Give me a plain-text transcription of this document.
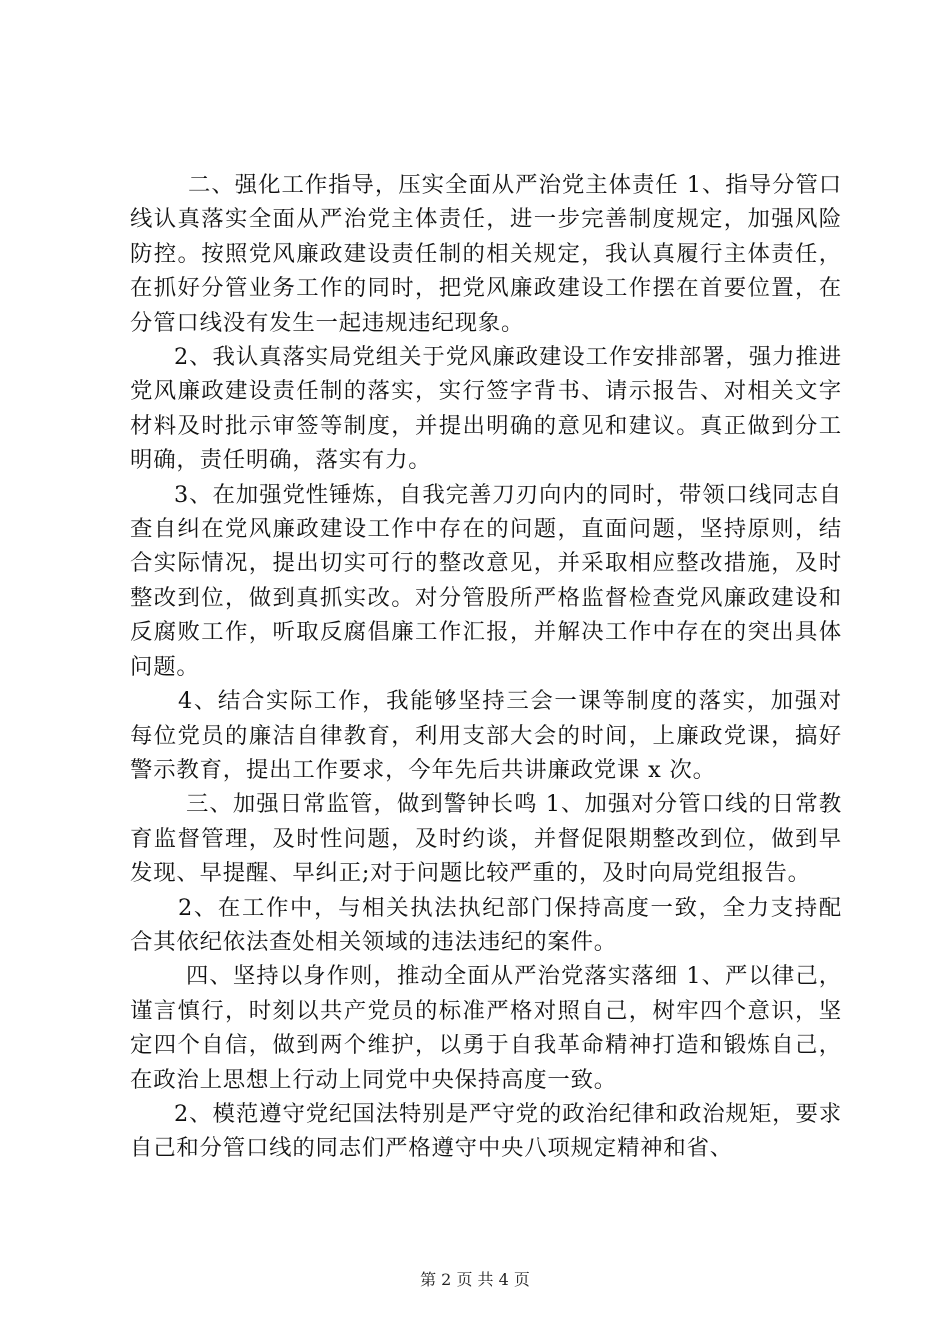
二、强化工作指导，压实全面从严治党主体责任 1、指导分管口线认真落实全面从严治党主体责任，进一步完善制度规定，加强风险防控。按照党风廉政建设责任制的相关规定，我认真履行主体责任，在抓好分管业务工作的同时，把党风廉政建设工作摆在首要位置，在分管口线没有发生一起违规违纪现象。

2、我认真落实局党组关于党风廉政建设工作安排部署，强力推进党风廉政建设责任制的落实，实行签字背书、请示报告、对相关文字材料及时批示审签等制度，并提出明确的意见和建议。真正做到分工明确，责任明确，落实有力。

3、在加强党性锤炼，自我完善刀刃向内的同时，带领口线同志自查自纠在党风廉政建设工作中存在的问题，直面问题，坚持原则，结合实际情况，提出切实可行的整改意见，并采取相应整改措施，及时整改到位，做到真抓实改。对分管股所严格监督检查党风廉政建设和反腐败工作，听取反腐倡廉工作汇报，并解决工作中存在的突出具体问题。

4、结合实际工作，我能够坚持三会一课等制度的落实，加强对每位党员的廉洁自律教育，利用支部大会的时间，上廉政党课，搞好警示教育，提出工作要求，今年先后共讲廉政党课 x 次。

三、加强日常监管，做到警钟长鸣 1、加强对分管口线的日常教育监督管理，及时性问题，及时约谈，并督促限期整改到位，做到早发现、早提醒、早纠正;对于问题比较严重的，及时向局党组报告。

2、在工作中，与相关执法执纪部门保持高度一致，全力支持配合其依纪依法查处相关领域的违法违纪的案件。

四、坚持以身作则，推动全面从严治党落实落细 1、严以律己，谨言慎行，时刻以共产党员的标准严格对照自己，树牢四个意识，坚定四个自信，做到两个维护，以勇于自我革命精神打造和锻炼自己，在政治上思想上行动上同党中央保持高度一致。

2、模范遵守党纪国法特别是严守党的政治纪律和政治规矩，要求自己和分管口线的同志们严格遵守中央八项规定精神和省、

第 2 页 共 4 页
